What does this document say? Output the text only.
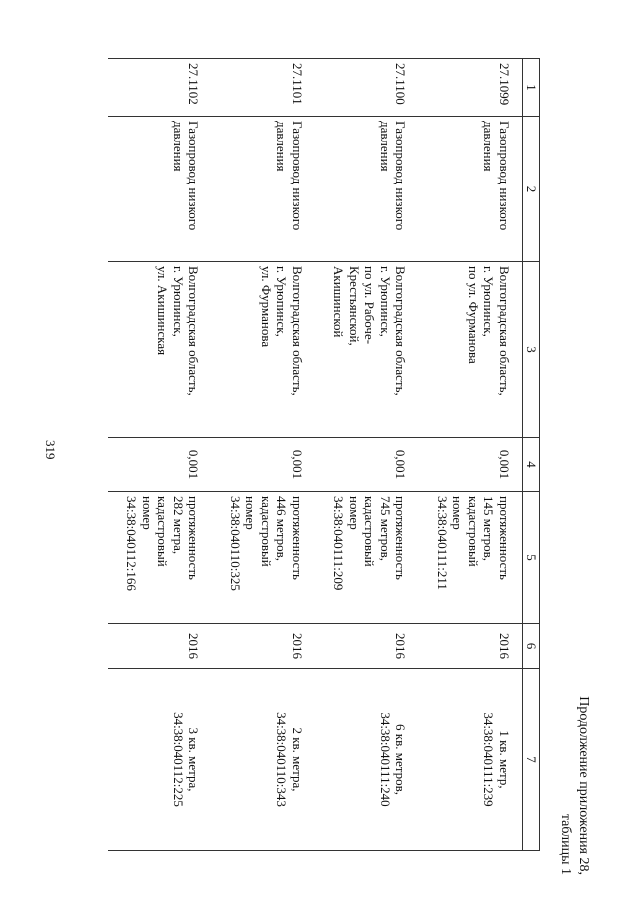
319
Продолжение приложения 28,
таблицы 1
1	2	3	4	5	6	7

27.1099	Газопровод низкого
давления	Волгоградская область,
г. Урюпинск,
по ул. Фурманова	0,001	протяженность
145 метров,
кадастровый
номер
34:38:040111:211	2016	1 кв. метр,
34:38:040111:239

27.1100	Газопровод низкого
давления	Волгоградская область,
г. Урюпинск,
по ул. Рабоче-
Крестьянской,
Акишинской	0,001	протяженность
745 метров,
кадастровый
номер
34:38:040111:209	2016	6 кв. метров,
34:38:040111:240

27.1101	Газопровод низкого
давления	Волгоградская область,
г. Урюпинск,
ул. Фурманова	0,001	протяженность
446 метров,
кадастровый
номер
34:38:040110:325	2016	2 кв. метра,
34:38:040110:343

27.1102	Газопровод низкого
давления	Волгоградская область,
г. Урюпинск,
ул. Акишинская	0,001	протяженность
282 метра,
кадастровый
номер
34:38:040112:166	2016	3 кв. метра,
34:38:040112:225
